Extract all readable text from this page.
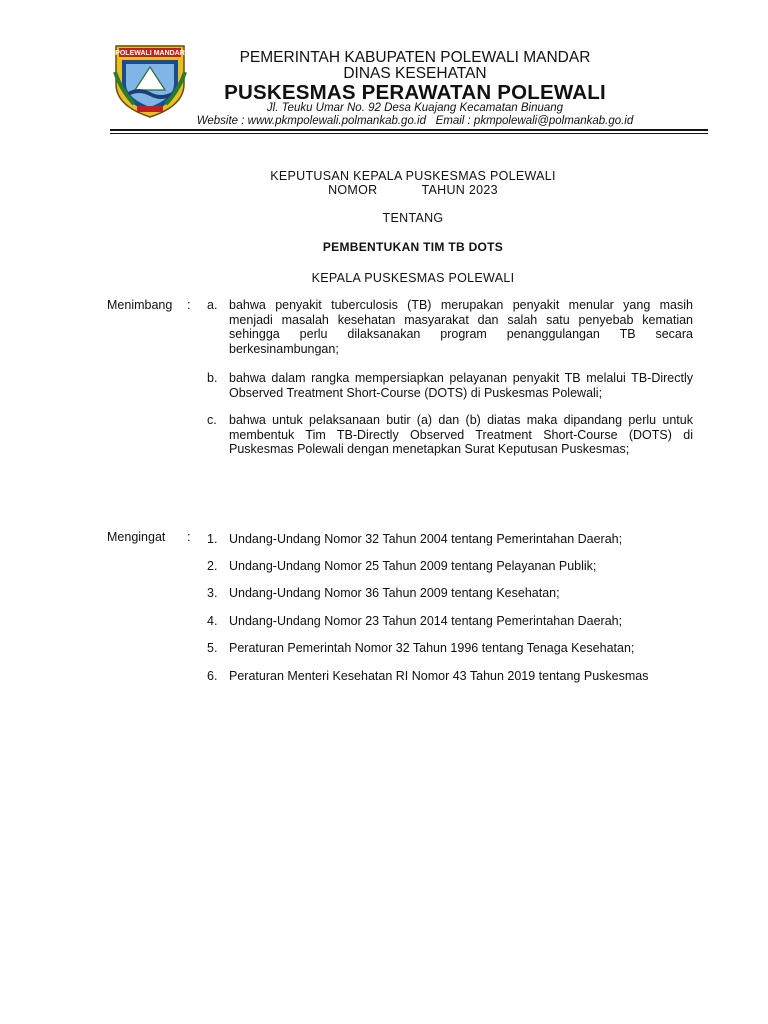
POLEWALI MANDAR	PEMERINTAH KABUPATEN POLEWALI MANDAR
DINAS KESEHATAN
PUSKESMAS PERAWATAN POLEWALI
Jl. Teuku Umar No. 92 Desa Kuajang Kecamatan Binuang
Website : www.pkmpolewali.polmankab.go.id   Email : pkmpolewali@polmankab.go.id
KEPUTUSAN KEPALA PUSKESMAS POLEWALI
NOMOR	TAHUN 2023
TENTANG
PEMBENTUKAN TIM TB DOTS
KEPALA PUSKESMAS POLEWALI
Menimbang : a. bahwa penyakit tuberculosis (TB) merupakan penyakit menular yang masih menjadi masalah kesehatan masyarakat dan salah satu penyebab kematian sehingga perlu dilaksanakan program penanggulangan TB secara berkesinambungan;
b. bahwa dalam rangka mempersiapkan pelayanan penyakit TB melalui TB-Directly Observed Treatment Short-Course (DOTS) di Puskesmas Polewali;
c. bahwa untuk pelaksanaan butir (a) dan (b) diatas maka dipandang perlu untuk membentuk Tim TB-Directly Observed Treatment Short-Course (DOTS) di Puskesmas Polewali dengan menetapkan Surat Keputusan Puskesmas;
Mengingat : 1. Undang-Undang Nomor 32 Tahun 2004 tentang Pemerintahan Daerah;
2. Undang-Undang Nomor 25 Tahun 2009 tentang Pelayanan Publik;
3. Undang-Undang Nomor 36 Tahun 2009 tentang Kesehatan;
4. Undang-Undang Nomor 23 Tahun 2014 tentang Pemerintahan Daerah;
5. Peraturan Pemerintah Nomor 32 Tahun 1996 tentang Tenaga Kesehatan;
6. Peraturan Menteri Kesehatan RI Nomor 43 Tahun 2019 tentang Puskesmas
